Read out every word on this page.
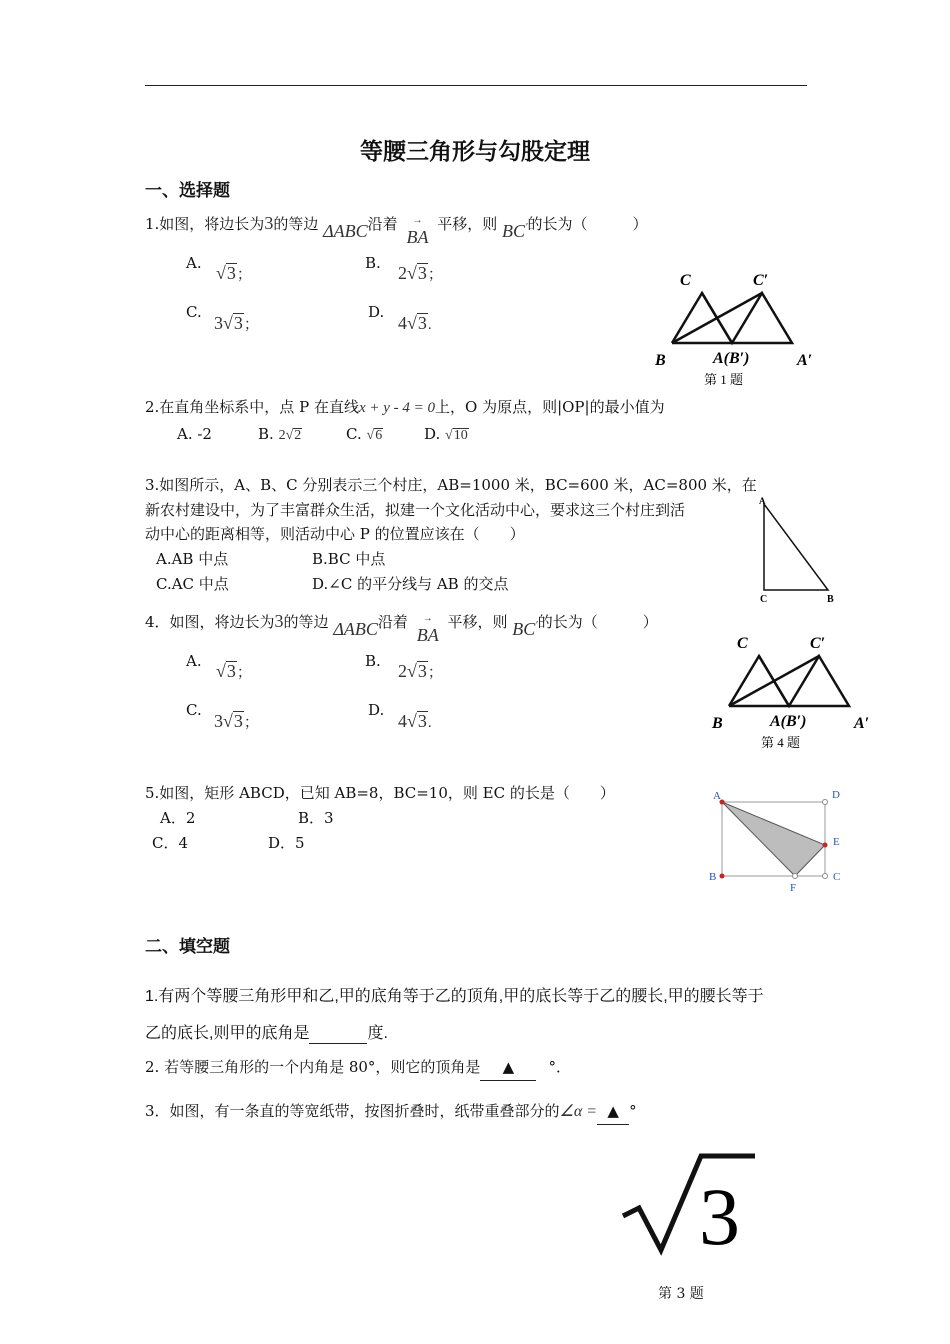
等腰三角形与勾股定理
一、选择题
1.如图，将边长为3的等边 ΔABC沿着	→
BA 平移，则 BC′的长为（　　　）
A. √3；
B. 2√3；
C.
3√3；
D.
4√3.
C	C′
B	A(B′)	A′
第 1 题
2.在直角坐标系中，点 P 在直线x + y - 4 = 0上，O 为原点，则|OP|的最小值为
A. -2	B. 2√2	C. √6	D. √10
3.如图所示，A、B、C 分别表示三个村庄，AB=1000 米，BC=600 米，AC=800 米，在
新农村建设中，为了丰富群众生活，拟建一个文化活动中心，要求这三个村庄到活
动中心的距离相等，则活动中心 P 的位置应该在（　　）
A.AB 中点	B.BC 中点
C.AC 中点	D.∠C 的平分线与 AB 的交点
A
C	B
4．如图，将边长为3的等边 ΔABC沿着	→
BA 平移，则 BC′的长为（　　　）
A. √3；
B. 2√3；
C.
3√3；
D.
4√3.
C	C′
B	A(B′)	A′
第 4 题
5.如图，矩形 ABCD，已知 AB=8，BC=10，则 EC 的长是（　　）
A．2	B．3
C．4	D．5
A	D
E
B	C
F
二、填空题
1.有两个等腰三角形甲和乙,甲的底角等于乙的顶角,甲的底长等于乙的腰长,甲的腰长等于
乙的底长,则甲的底角是	度.
2. 若等腰三角形的一个内角是 80°，则它的顶角是 ▲ °．
3．如图，有一条直的等宽纸带，按图折叠时，纸带重叠部分的∠α = ▲ °
3
第 3 题
